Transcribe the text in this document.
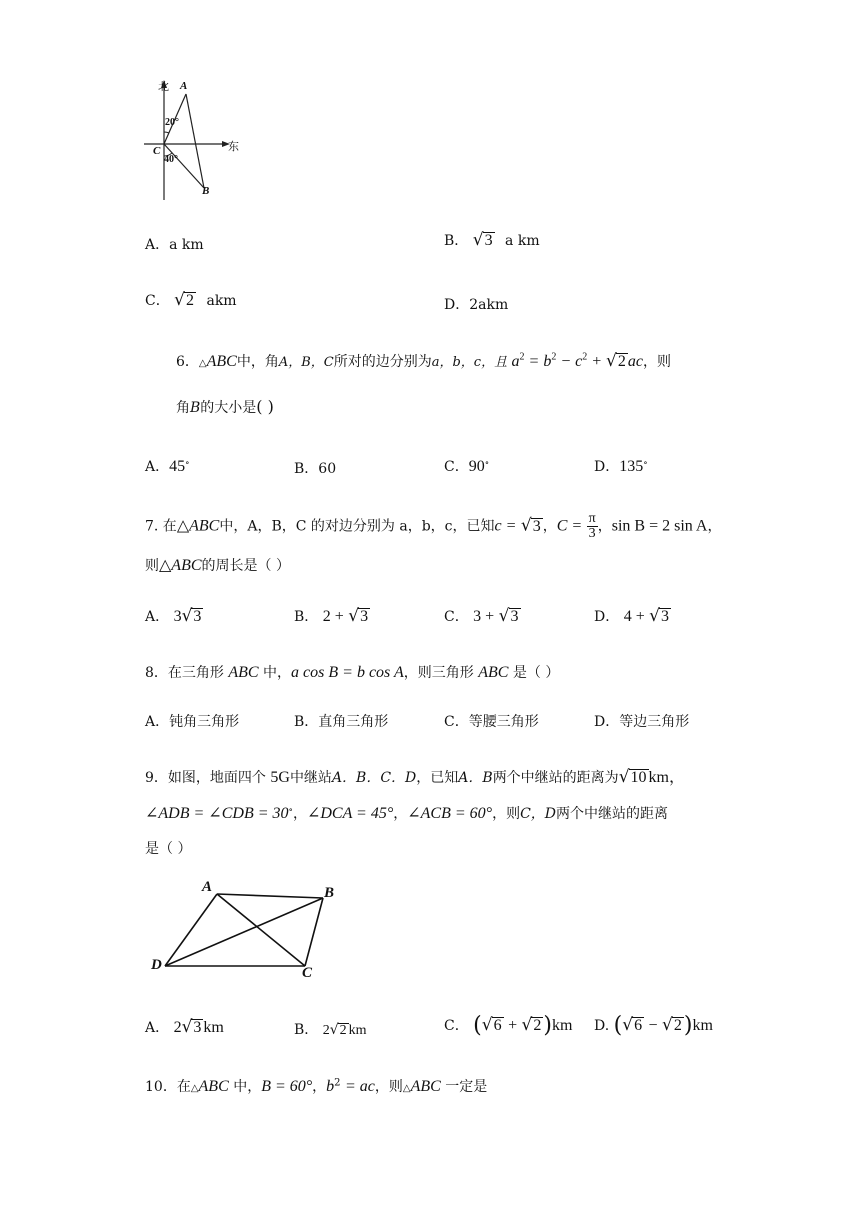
北
东
A
B
C
20°
40°
A．a km	B． √3 a km
C． √2 akm	D．2akm
6．△ABC中，角A，B，C所对的边分别为a，b，c，且 $a^2 = b^2 - c^2 + √2$ ac，则
角B的大小是( )
A．45∘	B．60	C．90∘	D．135∘
7. 在△ABC中，A，B，C 的对边分别为 a，b，c，已知c = √3 ，$C = \frac{\pi}{3}$ ，sin B = 2 sin A，
则△ABC的周长是（ ）
A． 3√3	B． 2 + √3	C． 3 + √3	D． 4 + √3
8．在三角形 ABC 中，a cos B = b cos A，则三角形 ABC 是（ ）
A．钝角三角形	B．直角三角形	C．等腰三角形	D．等边三角形
9．如图，地面四个 5G中继站A．B．C．D，已知A．B两个中继站的距离为√10 km，
∠ADB = ∠CDB = 30∘，∠DCA = 45°，∠ACB = 60°，则C，D两个中继站的距离
是（ ）
A	B
C
D
A． 2√3 km	B． 2√2 km	C． (√6 + √2)km D. (√6 − √2)km
10．在△ABC 中，B = 60°，$b^2$ = ac，则△ABC 一定是
